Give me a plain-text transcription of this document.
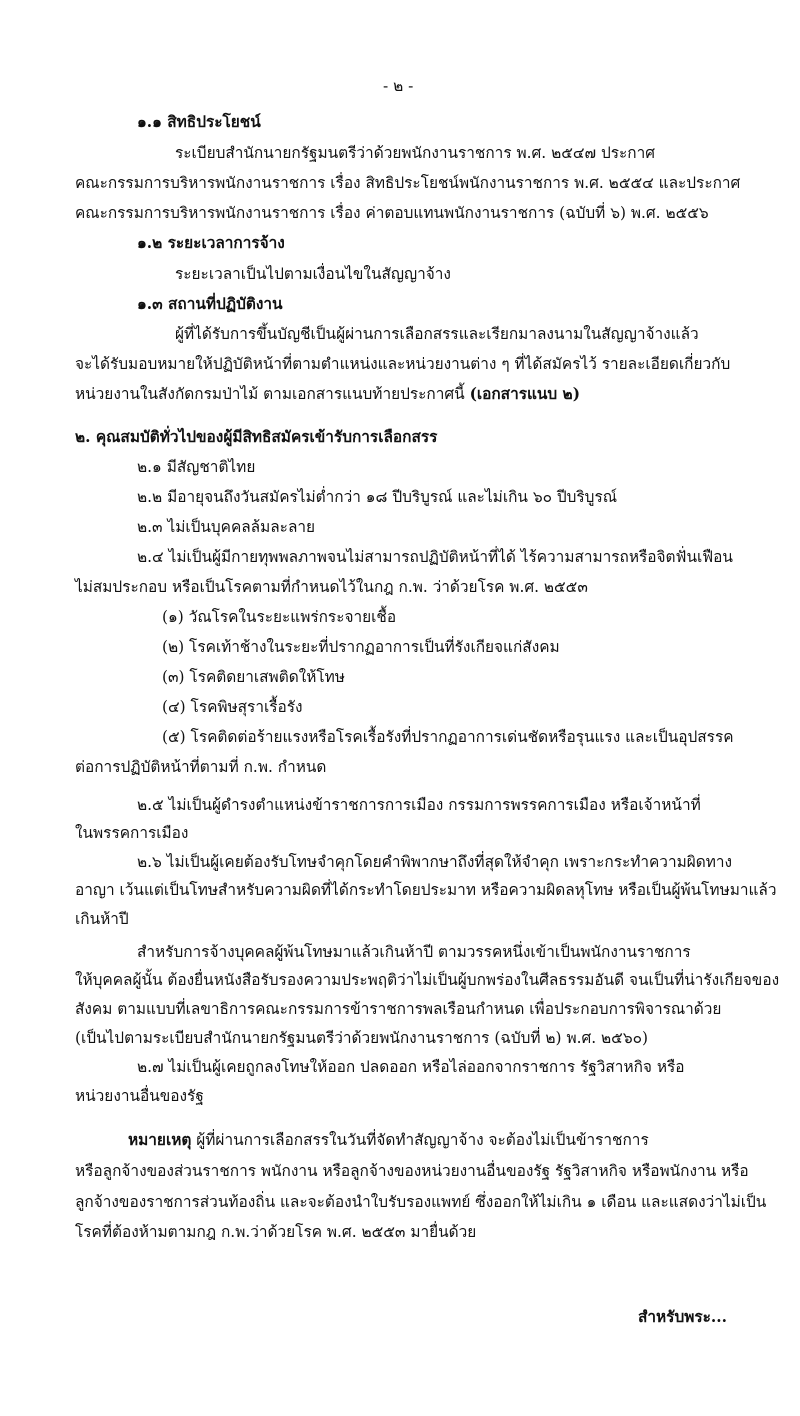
- ๒ -
๑.๑ สิทธิประโยชน์
ระเบียบสำนักนายกรัฐมนตรีว่าด้วยพนักงานราชการ พ.ศ. ๒๕๔๗ ประกาศ
คณะกรรมการบริหารพนักงานราชการ เรื่อง สิทธิประโยชน์พนักงานราชการ พ.ศ. ๒๕๕๔ และประกาศ
คณะกรรมการบริหารพนักงานราชการ เรื่อง ค่าตอบแทนพนักงานราชการ (ฉบับที่ ๖) พ.ศ. ๒๕๕๖
๑.๒ ระยะเวลาการจ้าง
ระยะเวลาเป็นไปตามเงื่อนไขในสัญญาจ้าง
๑.๓ สถานที่ปฏิบัติงาน
ผู้ที่ได้รับการขึ้นบัญชีเป็นผู้ผ่านการเลือกสรรและเรียกมาลงนามในสัญญาจ้างแล้ว
จะได้รับมอบหมายให้ปฏิบัติหน้าที่ตามตำแหน่งและหน่วยงานต่าง ๆ ที่ได้สมัครไว้ รายละเอียดเกี่ยวกับ
หน่วยงานในสังกัดกรมป่าไม้ ตามเอกสารแนบท้ายประกาศนี้ (เอกสารแนบ ๒)
๒. คุณสมบัติทั่วไปของผู้มีสิทธิสมัครเข้ารับการเลือกสรร
๒.๑ มีสัญชาติไทย
๒.๒ มีอายุจนถึงวันสมัครไม่ต่ำกว่า ๑๘ ปีบริบูรณ์ และไม่เกิน ๖๐ ปีบริบูรณ์
๒.๓ ไม่เป็นบุคคลล้มละลาย
๒.๔ ไม่เป็นผู้มีกายทุพพลภาพจนไม่สามารถปฏิบัติหน้าที่ได้ ไร้ความสามารถหรือจิตฟั่นเฟือน
ไม่สมประกอบ หรือเป็นโรคตามที่กำหนดไว้ในกฎ ก.พ. ว่าด้วยโรค พ.ศ. ๒๕๕๓
(๑) วัณโรคในระยะแพร่กระจายเชื้อ
(๒) โรคเท้าช้างในระยะที่ปรากฏอาการเป็นที่รังเกียจแก่สังคม
(๓) โรคติดยาเสพติดให้โทษ
(๔) โรคพิษสุราเรื้อรัง
(๕) โรคติดต่อร้ายแรงหรือโรคเรื้อรังที่ปรากฏอาการเด่นชัดหรือรุนแรง และเป็นอุปสรรค
ต่อการปฏิบัติหน้าที่ตามที่ ก.พ. กำหนด
๒.๕ ไม่เป็นผู้ดำรงตำแหน่งข้าราชการการเมือง กรรมการพรรคการเมือง หรือเจ้าหน้าที่
ในพรรคการเมือง
๒.๖ ไม่เป็นผู้เคยต้องรับโทษจำคุกโดยคำพิพากษาถึงที่สุดให้จำคุก เพราะกระทำความผิดทาง
อาญา เว้นแต่เป็นโทษสำหรับความผิดที่ได้กระทำโดยประมาท หรือความผิดลหุโทษ หรือเป็นผู้พ้นโทษมาแล้ว
เกินห้าปี
สำหรับการจ้างบุคคลผู้พ้นโทษมาแล้วเกินห้าปี ตามวรรคหนึ่งเข้าเป็นพนักงานราชการ
ให้บุคคลผู้นั้น ต้องยื่นหนังสือรับรองความประพฤติว่าไม่เป็นผู้บกพร่องในศีลธรรมอันดี จนเป็นที่น่ารังเกียจของ
สังคม ตามแบบที่เลขาธิการคณะกรรมการข้าราชการพลเรือนกำหนด เพื่อประกอบการพิจารณาด้วย
(เป็นไปตามระเบียบสำนักนายกรัฐมนตรีว่าด้วยพนักงานราชการ (ฉบับที่ ๒) พ.ศ. ๒๕๖๐)
๒.๗ ไม่เป็นผู้เคยถูกลงโทษให้ออก ปลดออก หรือไล่ออกจากราชการ รัฐวิสาหกิจ หรือ
หน่วยงานอื่นของรัฐ
หมายเหตุ ผู้ที่ผ่านการเลือกสรรในวันที่จัดทำสัญญาจ้าง จะต้องไม่เป็นข้าราชการ
หรือลูกจ้างของส่วนราชการ พนักงาน หรือลูกจ้างของหน่วยงานอื่นของรัฐ รัฐวิสาหกิจ หรือพนักงาน หรือ
ลูกจ้างของราชการส่วนท้องถิ่น และจะต้องนำใบรับรองแพทย์ ซึ่งออกให้ไม่เกิน ๑ เดือน และแสดงว่าไม่เป็น
โรคที่ต้องห้ามตามกฎ ก.พ.ว่าด้วยโรค พ.ศ. ๒๕๕๓ มายื่นด้วย
สำหรับพระ...
